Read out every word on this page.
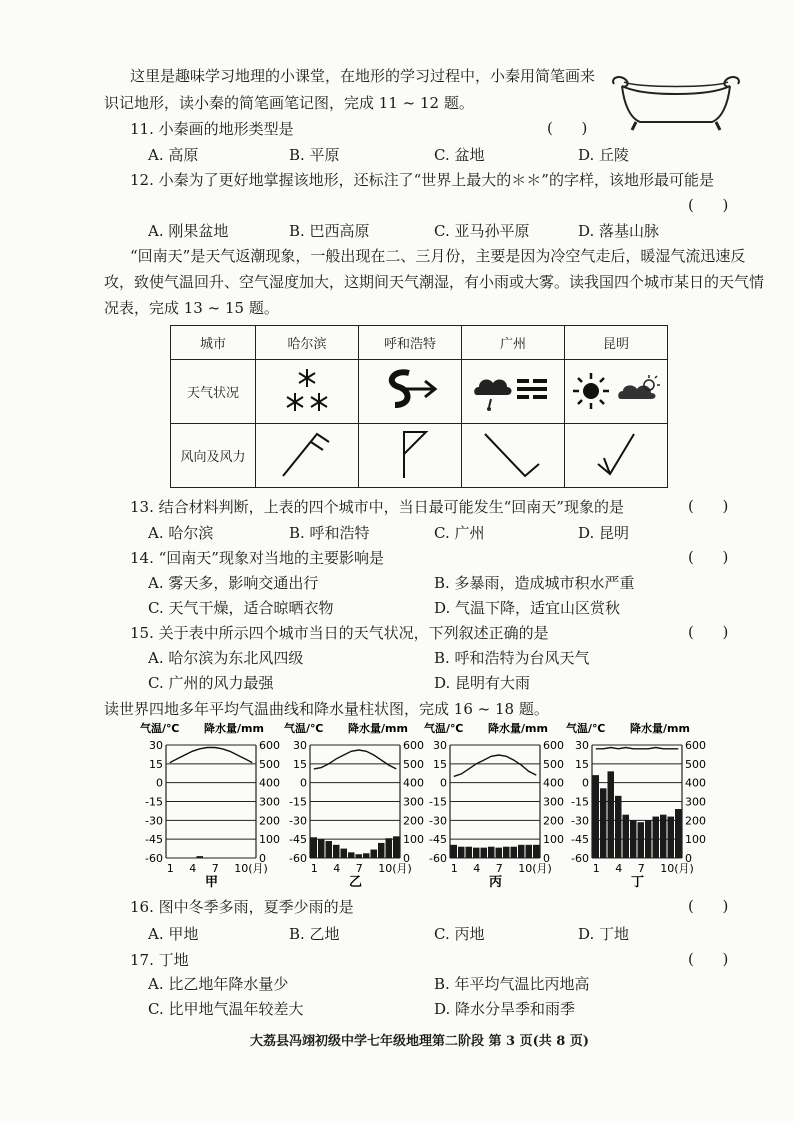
这里是趣味学习地理的小课堂，在地形的学习过程中，小秦用简笔画来
识记地形，读小秦的简笔画笔记图，完成 11 ~ 12 题。
11. 小秦画的地形类型是	(      )
A. 高原	B. 平原	C. 盆地	D. 丘陵
12. 小秦为了更好地掌握该地形，还标注了“世界上最大的＊＊”的字样，该地形最可能是
(      )
A. 刚果盆地	B. 巴西高原	C. 亚马孙平原	D. 落基山脉
“回南天”是天气返潮现象，一般出现在二、三月份，主要是因为冷空气走后，暖湿气流迅速反
攻，致使气温回升、空气湿度加大，这期间天气潮湿，有小雨或大雾。读我国四个城市某日的天气情
况表，完成 13 ~ 15 题。
城市	哈尔滨	呼和浩特	广州	昆明
天气状况				
风向及风力				
13. 结合材料判断，上表的四个城市中，当日最可能发生“回南天”现象的是	(      )
A. 哈尔滨	B. 呼和浩特	C. 广州	D. 昆明
14. “回南天”现象对当地的主要影响是	(      )
A. 雾天多，影响交通出行	B. 多暴雨，造成城市积水严重
C. 天气干燥，适合晾晒衣物	D. 气温下降，适宜山区赏秋
15. 关于表中所示四个城市当日的天气状况，下列叙述正确的是	(      )
A. 哈尔滨为东北风四级	B. 呼和浩特为台风天气
C. 广州的风力最强	D. 昆明有大雨
读世界四地多年平均气温曲线和降水量柱状图，完成 16 ~ 18 题。
气温/℃ 降水量/mm
30	600
15	500
0	400
-15	300
-30	200
-45	100
-60	0
1 4 7 10(月)
甲
气温/℃ 降水量/mm
30	600
15	500
0	400
-15	300
-30	200
-45	100
-60	0
1 4 7 10(月)
乙
气温/℃ 降水量/mm
30	600
15	500
0	400
-15	300
-30	200
-45	100
-60	0
1 4 7 10(月)
丙
气温/℃ 降水量/mm
30	600
15	500
0	400
-15	300
-30	200
-45	100
-60	0
1 4 7 10(月)
丁
16. 图中冬季多雨，夏季少雨的是	(      )
A. 甲地	B. 乙地	C. 丙地	D. 丁地
17. 丁地	(      )
A. 比乙地年降水量少	B. 年平均气温比丙地高
C. 比甲地气温年较差大	D. 降水分旱季和雨季
大荔县冯翊初级中学七年级地理第二阶段 第 3 页(共 8 页)
